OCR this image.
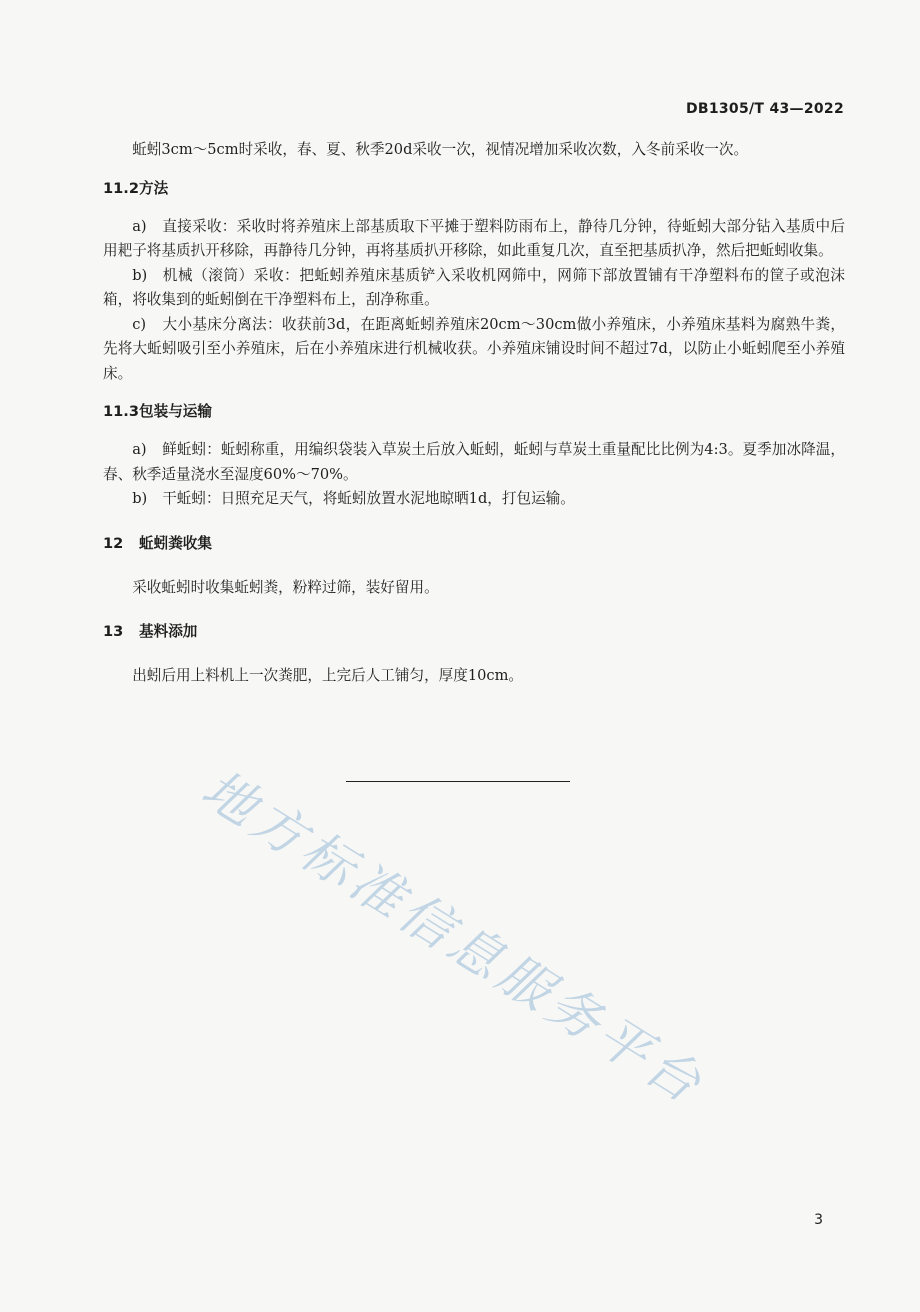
DB1305/T 43—2022

蚯蚓3cm～5cm时采收，春、夏、秋季20d采收一次，视情况增加采收次数，入冬前采收一次。

11.2方法

a) 直接采收：采收时将养殖床上部基质取下平摊于塑料防雨布上，静待几分钟，待蚯蚓大部分钻入基质中后用耙子将基质扒开移除，再静待几分钟，再将基质扒开移除，如此重复几次，直至把基质扒净，然后把蚯蚓收集。

b) 机械（滚筒）采收：把蚯蚓养殖床基质铲入采收机网筛中，网筛下部放置铺有干净塑料布的筐子或泡沫箱，将收集到的蚯蚓倒在干净塑料布上，刮净称重。

c) 大小基床分离法：收获前3d，在距离蚯蚓养殖床20cm～30cm做小养殖床，小养殖床基料为腐熟牛粪，先将大蚯蚓吸引至小养殖床，后在小养殖床进行机械收获。小养殖床铺设时间不超过7d，以防止小蚯蚓爬至小养殖床。

11.3包装与运输

a) 鲜蚯蚓：蚯蚓称重，用编织袋装入草炭土后放入蚯蚓，蚯蚓与草炭土重量配比比例为4:3。夏季加冰降温，春、秋季适量浇水至湿度60%～70%。

b) 干蚯蚓：日照充足天气，将蚯蚓放置水泥地晾晒1d，打包运输。

12 蚯蚓粪收集

采收蚯蚓时收集蚯蚓粪，粉粹过筛，装好留用。

13 基料添加

出蚓后用上料机上一次粪肥，上完后人工铺匀，厚度10cm。

地方标准信息服务平台
3
